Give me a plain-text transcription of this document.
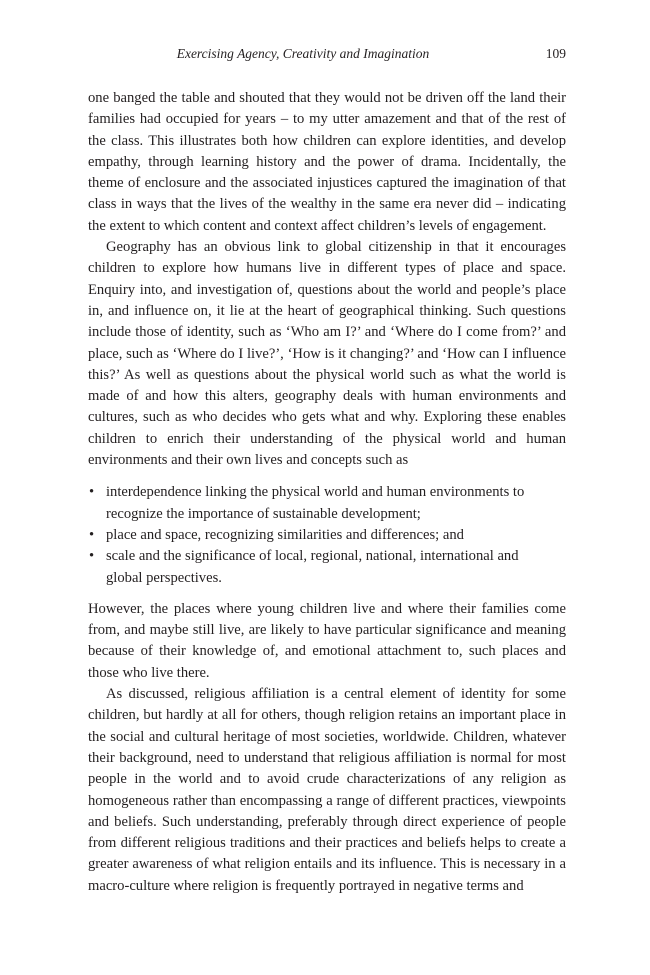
Exercising Agency, Creativity and Imagination	109

one banged the table and shouted that they would not be driven off the land their families had occupied for years – to my utter amazement and that of the rest of the class. This illustrates both how children can explore identities, and develop empathy, through learning history and the power of drama. Incidentally, the theme of enclosure and the associated injustices captured the imagination of that class in ways that the lives of the wealthy in the same era never did – indicating the extent to which content and context affect children’s levels of engagement.

Geography has an obvious link to global citizenship in that it encourages children to explore how humans live in different types of place and space. Enquiry into, and investigation of, questions about the world and people’s place in, and influence on, it lie at the heart of geographical thinking. Such questions include those of identity, such as ‘Who am I?’ and ‘Where do I come from?’ and place, such as ‘Where do I live?’, ‘How is it changing?’ and ‘How can I influence this?’ As well as questions about the physical world such as what the world is made of and how this alters, geography deals with human environments and cultures, such as who decides who gets what and why. Exploring these enables children to enrich their understanding of the physical world and human environments and their own lives and concepts such as

• interdependence linking the physical world and human environments to recognize the importance of sustainable development;
• place and space, recognizing similarities and differences; and
• scale and the significance of local, regional, national, international and global perspectives.

However, the places where young children live and where their families come from, and maybe still live, are likely to have particular significance and meaning because of their knowledge of, and emotional attachment to, such places and those who live there.

As discussed, religious affiliation is a central element of identity for some children, but hardly at all for others, though religion retains an important place in the social and cultural heritage of most societies, worldwide. Children, whatever their background, need to understand that religious affiliation is normal for most people in the world and to avoid crude characterizations of any religion as homogeneous rather than encompassing a range of different practices, viewpoints and beliefs. Such understanding, preferably through direct experience of people from different religious traditions and their practices and beliefs helps to create a greater awareness of what religion entails and its influence. This is necessary in a macro-culture where religion is frequently portrayed in negative terms and
